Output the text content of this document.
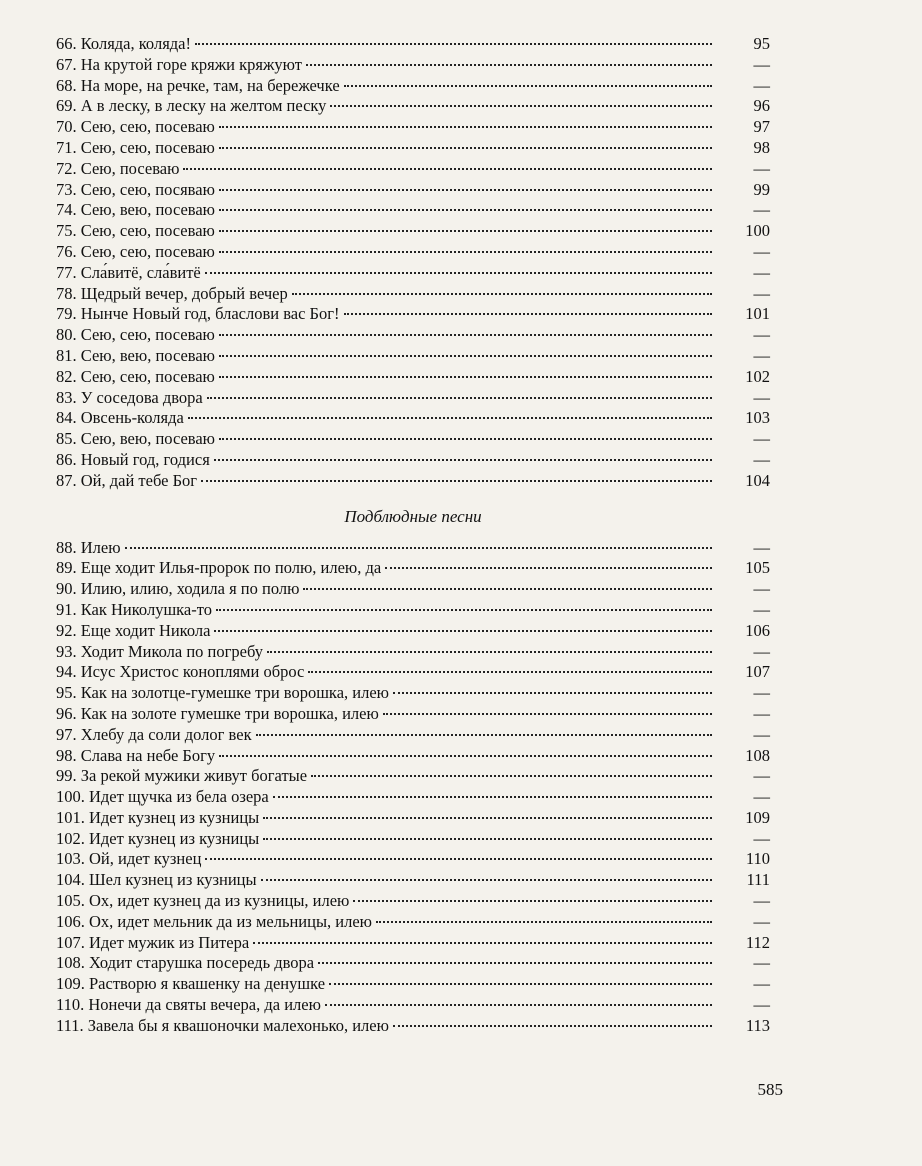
66. Коляда, коляда!	95
67. На крутой горе кряжи кряжуют	—
68. На море, на речке, там, на бережечке	—
69. А в леску, в леску на желтом песку	96
70. Сею, сею, посеваю	97
71. Сею, сею, посеваю	98
72. Сею, посеваю	—
73. Сею, сею, посяваю	99
74. Сею, вею, посеваю	—
75. Сею, сею, посеваю	100
76. Сею, сею, посеваю	—
77. Сла́витё, сла́витё	—
78. Щедрый вечер, добрый вечер	—
79. Нынче Новый год, бласлови вас Бог!	101
80. Сею, сею, посеваю	—
81. Сею, вею, посеваю	—
82. Сею, сею, посеваю	102
83. У соседова двора	—
84. Овсень-коляда	103
85. Сею, вею, посеваю	—
86. Новый год, годися	—
87. Ой, дай тебе Бог	104
Подблюдные песни
88. Илею	—
89. Еще ходит Илья-пророк по полю, илею, да	105
90. Илию, илию, ходила я по полю	—
91. Как Николушка-то	—
92. Еще ходит Никола	106
93. Ходит Микола по погребу	—
94. Исус Христос коноплями оброс	107
95. Как на золотце-гумешке три ворошка, илею	—
96. Как на золоте гумешке три ворошка, илею	—
97. Хлебу да соли долог век	—
98. Слава на небе Богу	108
99. За рекой мужики живут богатые	—
100. Идет щучка из бела озера	—
101. Идет кузнец из кузницы	109
102. Идет кузнец из кузницы	—
103. Ой, идет кузнец	110
104. Шел кузнец из кузницы	111
105. Ох, идет кузнец да из кузницы, илею	—
106. Ох, идет мельник да из мельницы, илею	—
107. Идет мужик из Питера	112
108. Ходит старушка посередь двора	—
109. Растворю я квашенку на денушке	—
110. Нонечи да святы вечера, да илею	—
111. Завела бы я квашоночки малехонько, илею	113
585
